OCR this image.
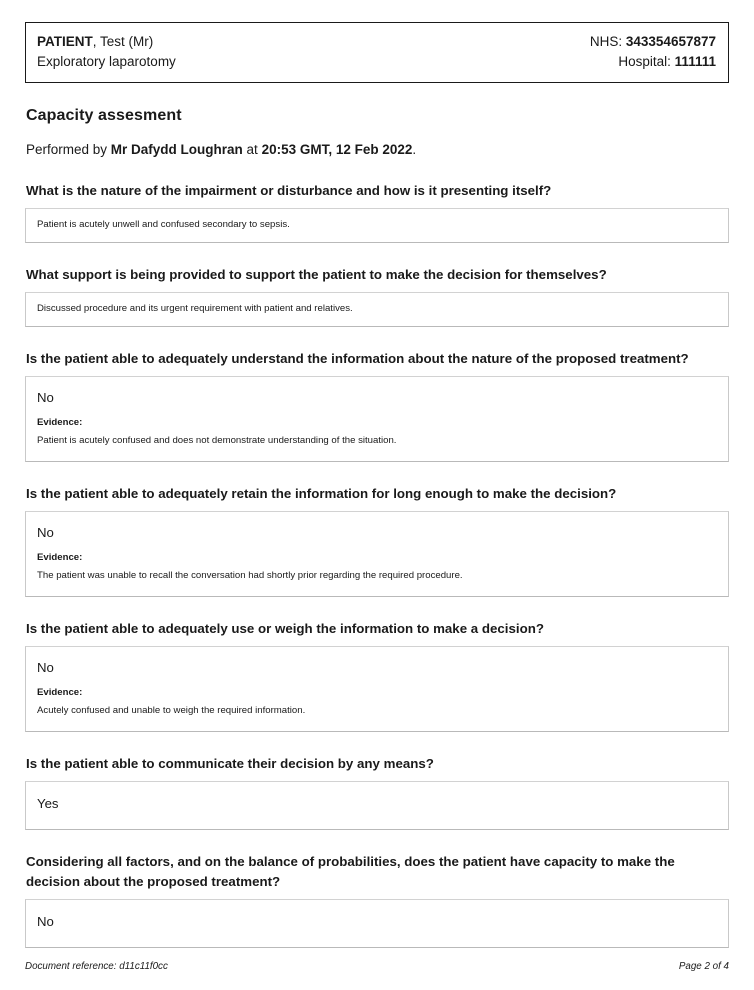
PATIENT, Test (Mr)
Exploratory laparotomy
NHS: 343354657877
Hospital: 111111
Capacity assesment
Performed by Mr Dafydd Loughran at 20:53 GMT, 12 Feb 2022.
What is the nature of the impairment or disturbance and how is it presenting itself?
Patient is acutely unwell and confused secondary to sepsis.
What support is being provided to support the patient to make the decision for themselves?
Discussed procedure and its urgent requirement with patient and relatives.
Is the patient able to adequately understand the information about the nature of the proposed treatment?
No
Evidence:
Patient is acutely confused and does not demonstrate understanding of the situation.
Is the patient able to adequately retain the information for long enough to make the decision?
No
Evidence:
The patient was unable to recall the conversation had shortly prior regarding the required procedure.
Is the patient able to adequately use or weigh the information to make a decision?
No
Evidence:
Acutely confused and unable to weigh the required information.
Is the patient able to communicate their decision by any means?
Yes
Considering all factors, and on the balance of probabilities, does the patient have capacity to make the decision about the proposed treatment?
No
Document reference: d11c11f0cc	Page 2 of 4
